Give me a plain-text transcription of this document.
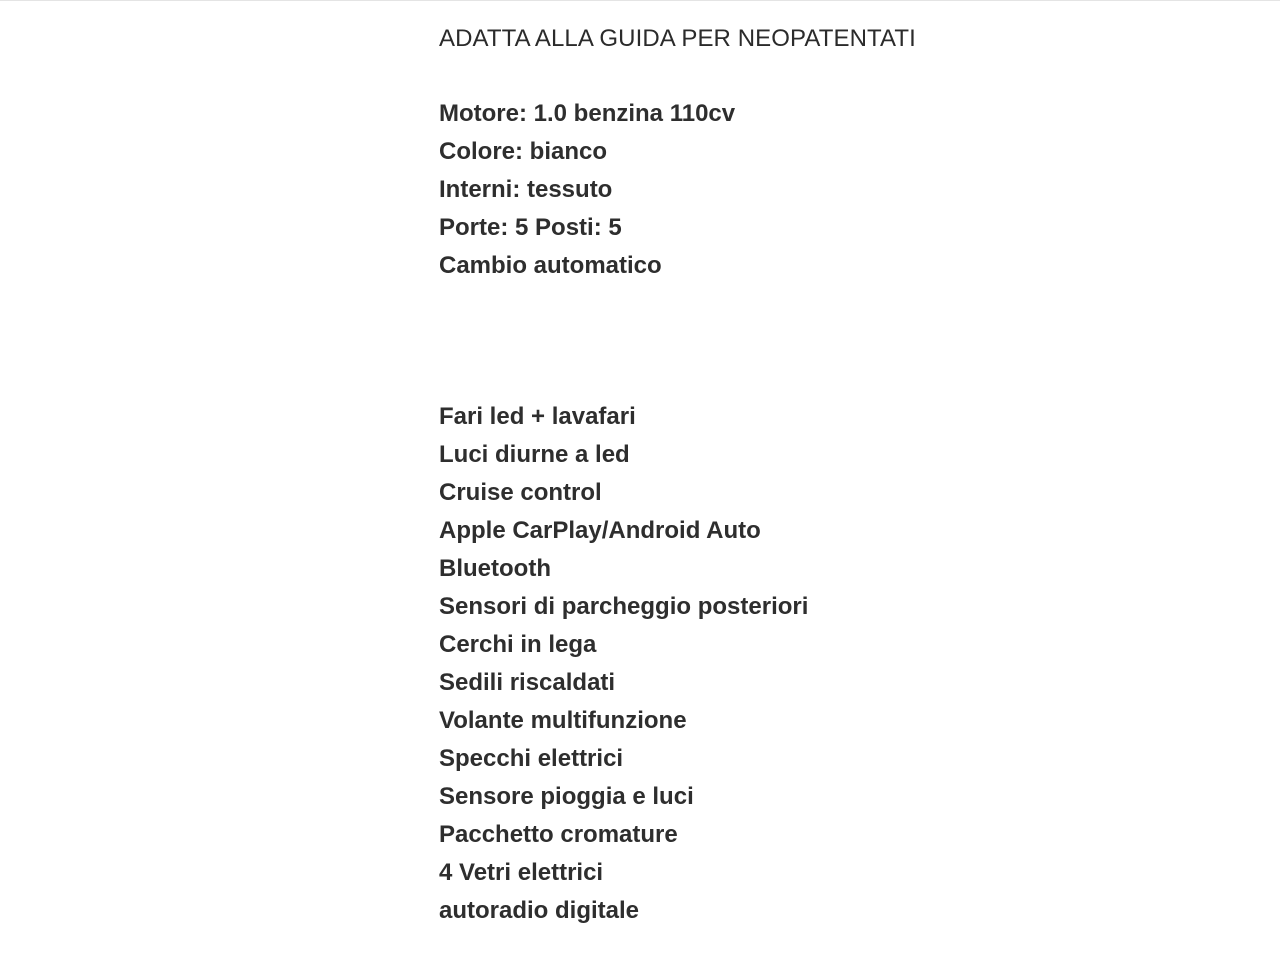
ADATTA ALLA GUIDA PER NEOPATENTATI
Motore: 1.0 benzina 110cv
Colore: bianco
Interni: tessuto
Porte: 5 Posti: 5
Cambio automatico
Fari led + lavafari
Luci diurne a led
Cruise control
Apple CarPlay/Android Auto
Bluetooth
Sensori di parcheggio posteriori
Cerchi in lega
Sedili riscaldati
Volante multifunzione
Specchi elettrici
Sensore pioggia e luci
Pacchetto cromature
4 Vetri elettrici
autoradio digitale
